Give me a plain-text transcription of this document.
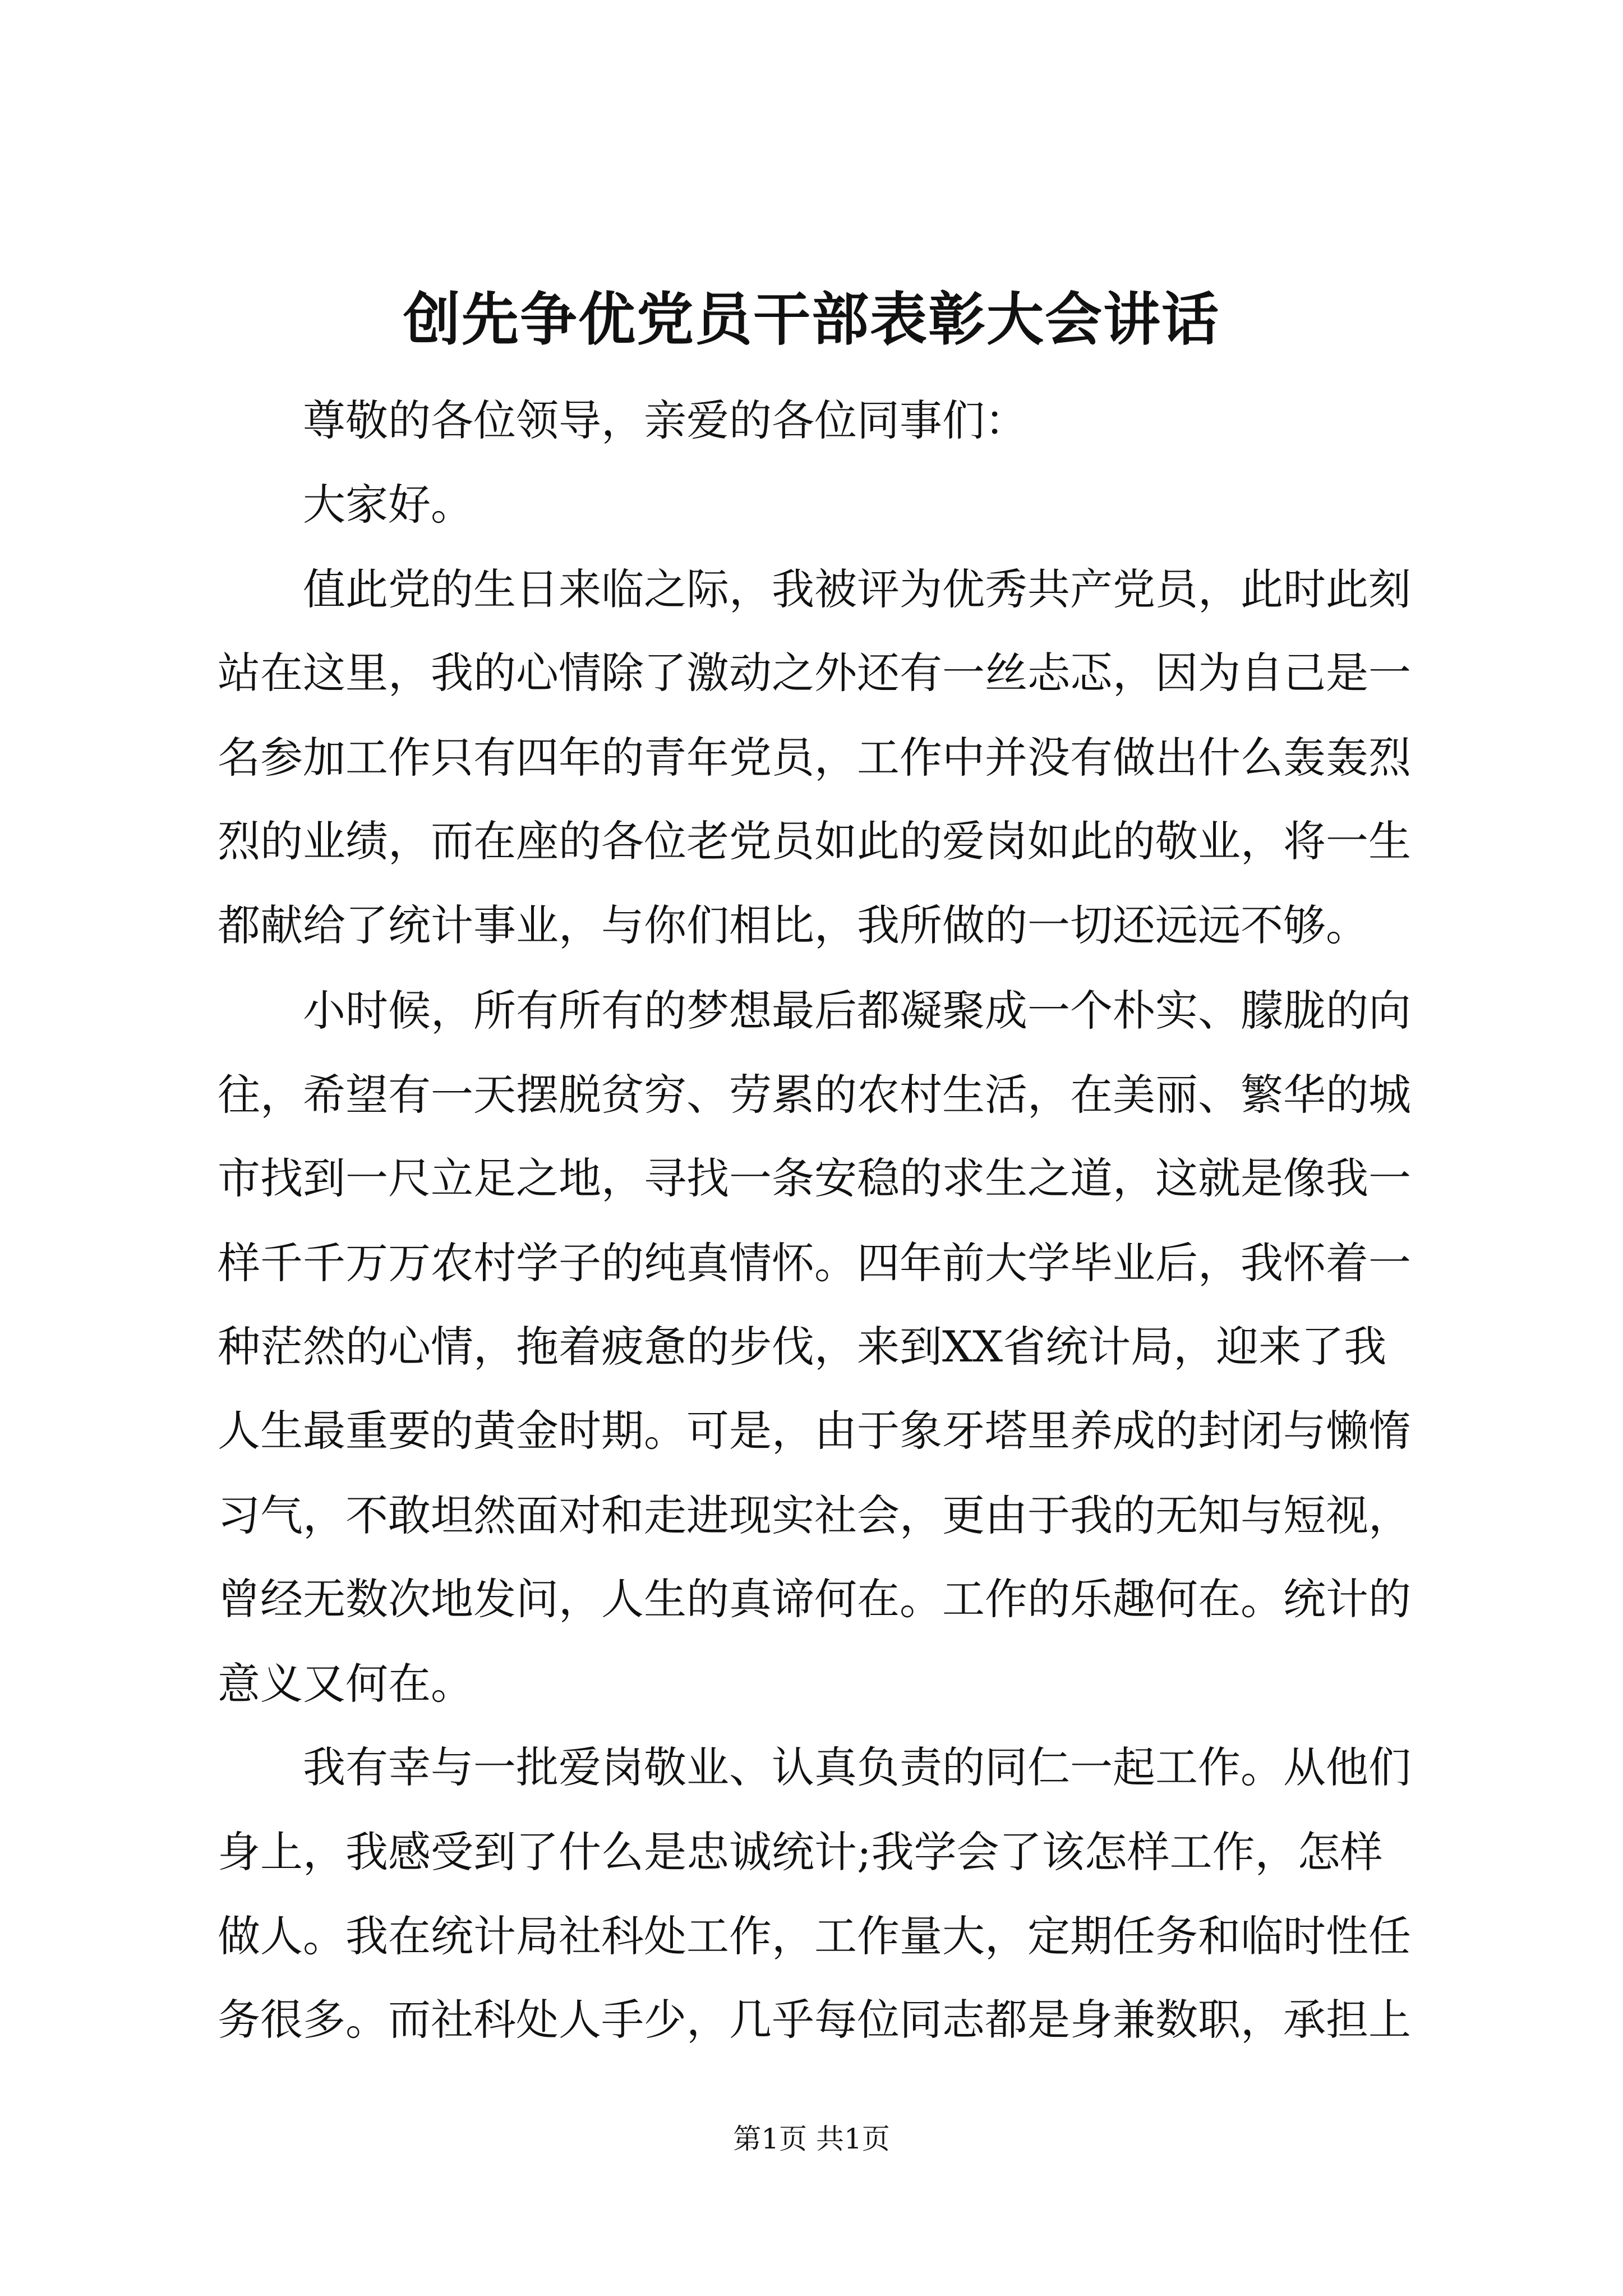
创先争优党员干部表彰大会讲话

尊敬的各位领导，亲爱的各位同事们：

大家好。

值此党的生日来临之际，我被评为优秀共产党员，此时此刻

站在这里，我的心情除了激动之外还有一丝忐忑，因为自己是一

名参加工作只有四年的青年党员，工作中并没有做出什么轰轰烈

烈的业绩，而在座的各位老党员如此的爱岗如此的敬业，将一生

都献给了统计事业，与你们相比，我所做的一切还远远不够。

小时候，所有所有的梦想最后都凝聚成一个朴实、朦胧的向

往，希望有一天摆脱贫穷、劳累的农村生活，在美丽、繁华的城

市找到一尺立足之地，寻找一条安稳的求生之道，这就是像我一

样千千万万农村学子的纯真情怀。四年前大学毕业后，我怀着一

种茫然的心情，拖着疲惫的步伐，来到XX省统计局，迎来了我

人生最重要的黄金时期。可是，由于象牙塔里养成的封闭与懒惰

习气，不敢坦然面对和走进现实社会，更由于我的无知与短视，

曾经无数次地发问，人生的真谛何在。工作的乐趣何在。统计的

意义又何在。

我有幸与一批爱岗敬业、认真负责的同仁一起工作。从他们

身上，我感受到了什么是忠诚统计;我学会了该怎样工作，怎样

做人。我在统计局社科处工作，工作量大，定期任务和临时性任

务很多。而社科处人手少，几乎每位同志都是身兼数职，承担上

第1页 共1页
